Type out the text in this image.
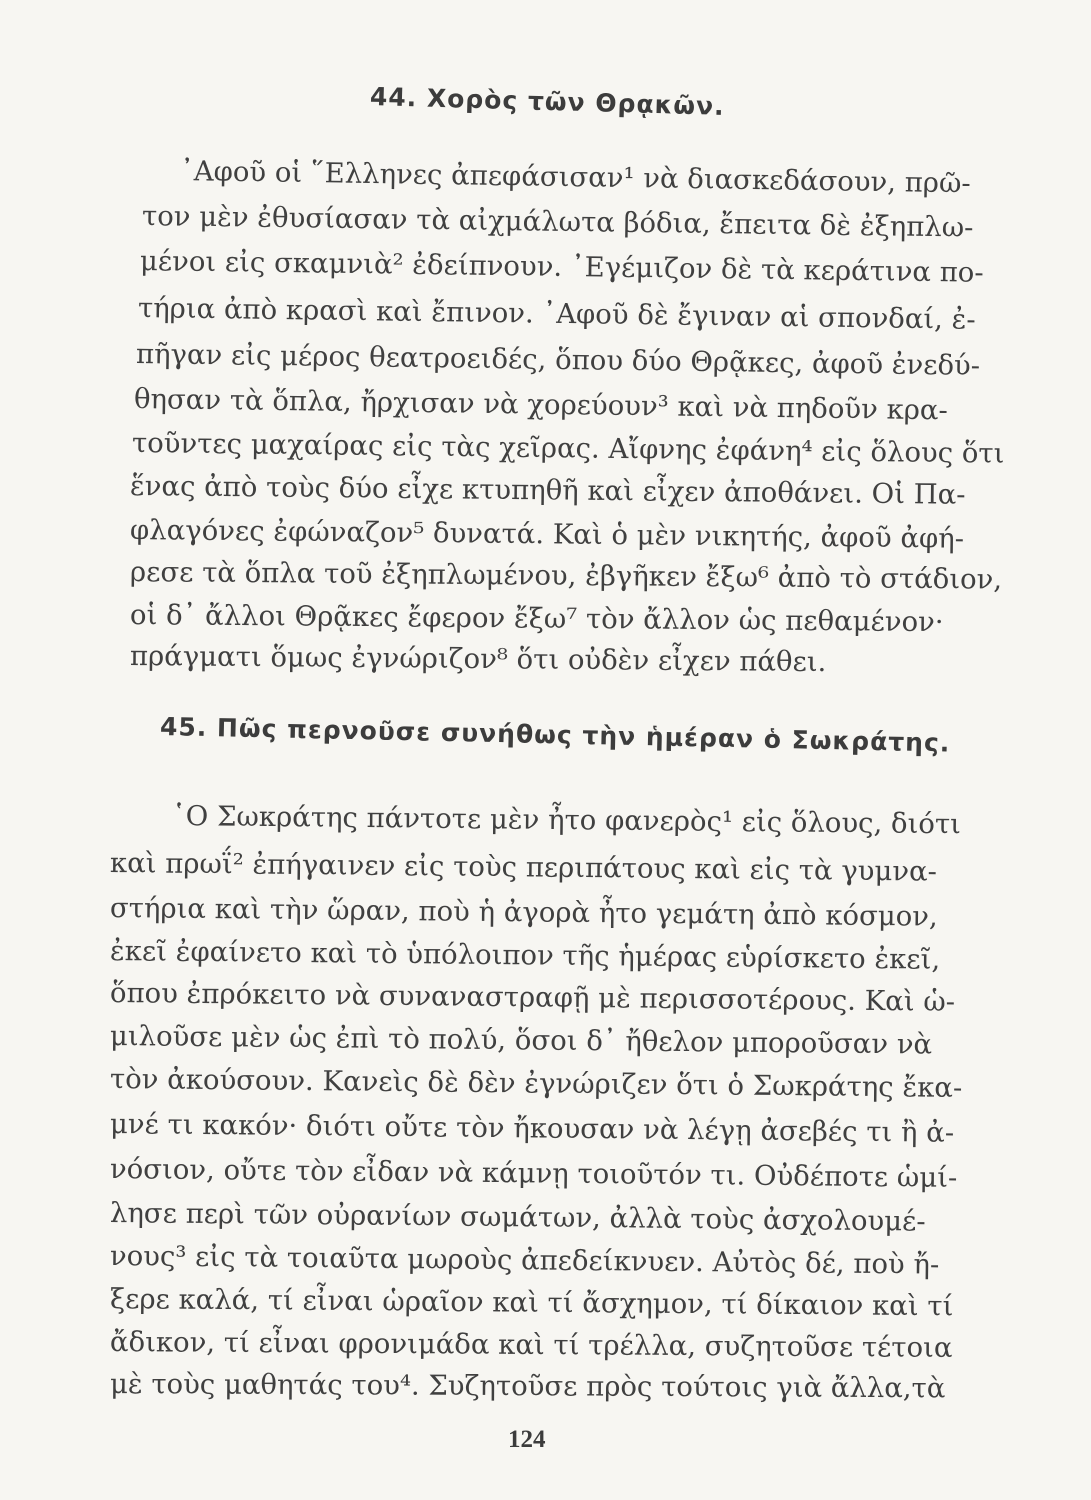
44. Χορὸς τῶν Θρᾳκῶν.
᾿Αφοῦ οἱ ῞Ελληνες ἀπεφάσισαν¹ νὰ διασκεδάσουν, πρῶ-
τον μὲν ἐθυσίασαν τὰ αἰχμάλωτα βόδια, ἔπειτα δὲ ἐξηπλω-
μένοι εἰς σκαμνιὰ² ἐδείπνουν. ᾿Εγέμιζον δὲ τὰ κεράτινα πο-
τήρια ἀπὸ κρασὶ καὶ ἔπινον. ᾿Αφοῦ δὲ ἔγιναν αἱ σπονδαί, ἐ-
πῆγαν εἰς μέρος θεατροειδές, ὅπου δύο Θρᾷκες, ἀφοῦ ἐνεδύ-
θησαν τὰ ὅπλα, ἤρχισαν νὰ χορεύουν³ καὶ νὰ πηδοῦν κρα-
τοῦντες μαχαίρας εἰς τὰς χεῖρας. Αἴφνης ἐφάνη⁴ εἰς ὅλους ὅτι
ἕνας ἀπὸ τοὺς δύο εἶχε κτυπηθῆ καὶ εἶχεν ἀποθάνει. Οἱ Πα-
φλαγόνες ἐφώναζον⁵ δυνατά. Καὶ ὁ μὲν νικητής, ἀφοῦ ἀφή-
ρεσε τὰ ὅπλα τοῦ ἐξηπλωμένου, ἐβγῆκεν ἔξω⁶ ἀπὸ τὸ στάδιον,
οἱ δ᾿ ἄλλοι Θρᾷκες ἔφερον ἔξω⁷ τὸν ἄλλον ὡς πεθαμένον·
πράγματι ὅμως ἐγνώριζον⁸ ὅτι οὐδὲν εἶχεν πάθει.
45. Πῶς περνοῦσε συνήθως τὴν ἡμέραν ὁ Σωκράτης.
῾Ο Σωκράτης πάντοτε μὲν ἦτο φανερὸς¹ εἰς ὅλους, διότι
καὶ πρωΐ² ἐπήγαινεν εἰς τοὺς περιπάτους καὶ εἰς τὰ γυμνα-
στήρια καὶ τὴν ὥραν, ποὺ ἡ ἀγορὰ ἦτο γεμάτη ἀπὸ κόσμον,
ἐκεῖ ἐφαίνετο καὶ τὸ ὑπόλοιπον τῆς ἡμέρας εὑρίσκετο ἐκεῖ,
ὅπου ἐπρόκειτο νὰ συναναστραφῇ μὲ περισσοτέρους. Καὶ ὡ-
μιλοῦσε μὲν ὡς ἐπὶ τὸ πολύ, ὅσοι δ᾿ ἤθελον μποροῦσαν νὰ
τὸν ἀκούσουν. Κανεὶς δὲ δὲν ἐγνώριζεν ὅτι ὁ Σωκράτης ἔκα-
μνέ τι κακόν· διότι οὔτε τὸν ἤκουσαν νὰ λέγῃ ἀσεβές τι ἢ ἀ-
νόσιον, οὔτε τὸν εἶδαν νὰ κάμνῃ τοιοῦτόν τι. Οὐδέποτε ὡμί-
λησε περὶ τῶν οὐρανίων σωμάτων, ἀλλὰ τοὺς ἀσχολουμέ-
νους³ εἰς τὰ τοιαῦτα μωροὺς ἀπεδείκνυεν. Αὐτὸς δέ, ποὺ ἤ-
ξερε καλά, τί εἶναι ὡραῖον καὶ τί ἄσχημον, τί δίκαιον καὶ τί
ἄδικον, τί εἶναι φρονιμάδα καὶ τί τρέλλα, συζητοῦσε τέτοια
μὲ τοὺς μαθητάς του⁴. Συζητοῦσε πρὸς τούτοις γιὰ ἄλλα,τὰ
124
